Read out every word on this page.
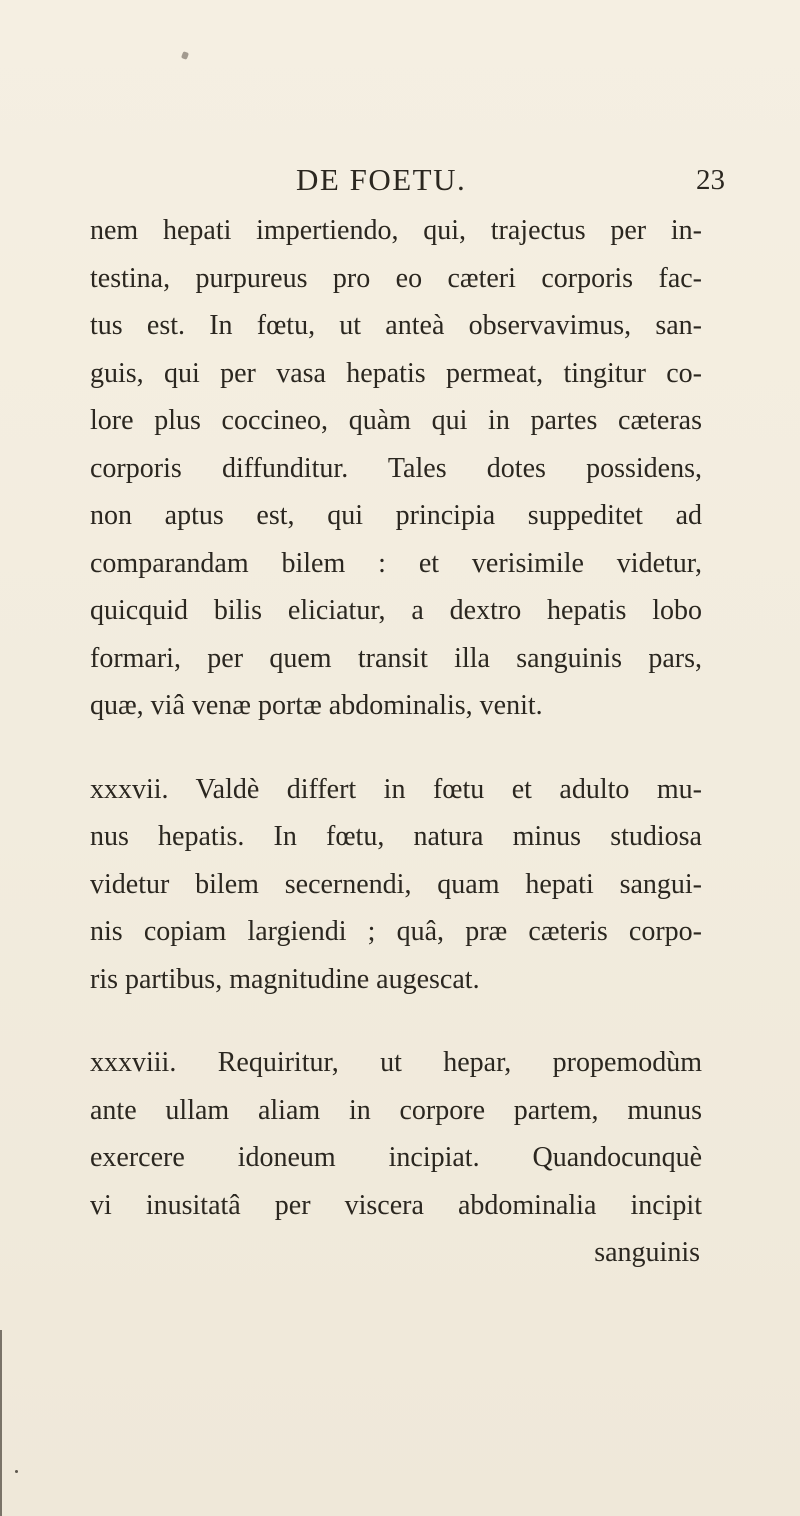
DE FOETU.	23
nem hepati impertiendo, qui, trajectus per in-
testina, purpureus pro eo cæteri corporis fac-
tus est. In fœtu, ut anteà observavimus, san-
guis, qui per vasa hepatis permeat, tingitur co-
lore plus coccineo, quàm qui in partes cæteras
corporis diffunditur. Tales dotes possidens,
non aptus est, qui principia suppeditet ad
comparandam bilem : et verisimile videtur,
quicquid bilis eliciatur, a dextro hepatis lobo
formari, per quem transit illa sanguinis pars,
quæ, viâ venæ portæ abdominalis, venit.
xxxvii. Valdè differt in fœtu et adulto mu-
nus hepatis. In fœtu, natura minus studiosa
videtur bilem secernendi, quam hepati sangui-
nis copiam largiendi ; quâ, præ cæteris corpo-
ris partibus, magnitudine augescat.
xxxviii. Requiritur, ut hepar, propemodùm
ante ullam aliam in corpore partem, munus
exercere idoneum incipiat. Quandocunquè
vi inusitatâ per viscera abdominalia incipit
sanguinis
